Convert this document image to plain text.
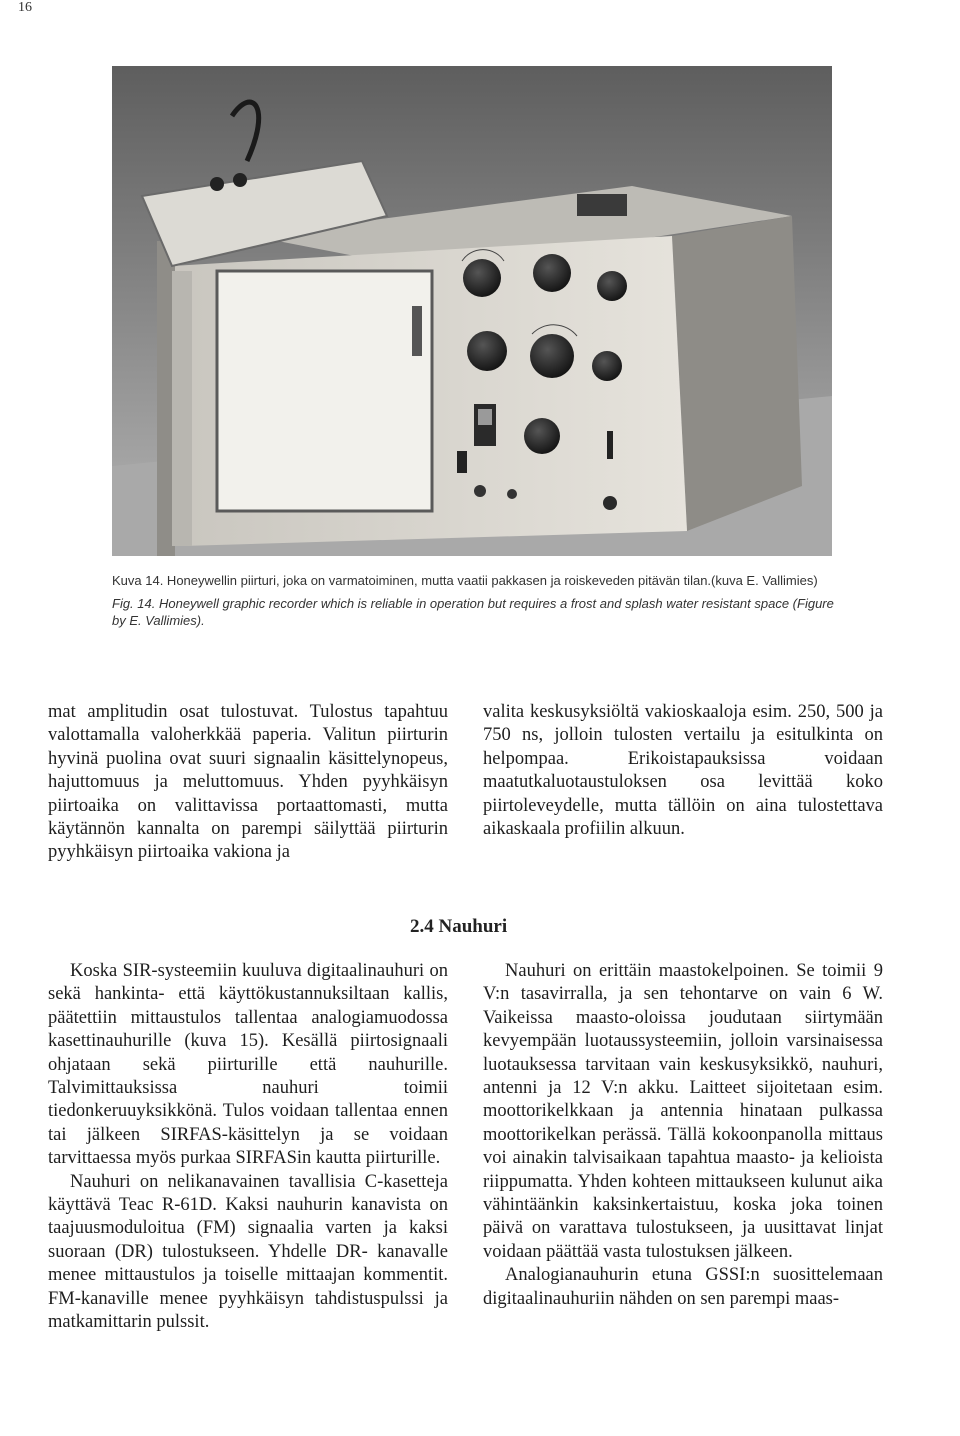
16

Kuva 14. Honeywellin piirturi, joka on varmatoiminen, mutta vaatii pakkasen ja roiskeveden pitävän tilan.(kuva E. Vallimies)

Fig. 14. Honeywell graphic recorder which is reliable in operation but requires a frost and splash water resistant space (Figure by E. Vallimies).

mat amplitudin osat tulostuvat. Tulostus tapahtuu valottamalla valoherkkää paperia. Valitun piirturin hyvinä puolina ovat suuri signaalin käsittelynopeus, hajuttomuus ja meluttomuus. Yhden pyyhkäisyn piirtoaika on valittavissa portaattomasti, mutta käytännön kannalta on parempi säilyttää piirturin pyyhkäisyn piirtoaika vakiona ja

valita keskusyksiöltä vakioskaaloja esim. 250, 500 ja 750 ns, jolloin tulosten vertailu ja esitulkinta on helpompaa. Erikoistapauksissa voidaan maatutkaluotaustuloksen osa levittää koko piirtoleveydelle, mutta tällöin on aina tulostettava aikaskaala profiilin alkuun.

2.4 Nauhuri

Koska SIR-systeemiin kuuluva digitaalinauhuri on sekä hankinta- että käyttökustannuksiltaan kallis, päätettiin mittaustulos tallentaa analogiamuodossa kasettinauhurille (kuva 15). Kesällä piirtosignaali ohjataan sekä piirturille että nauhurille. Talvimittauksissa nauhuri toimii tiedonkeruuyksikkönä. Tulos voidaan tallentaa ennen tai jälkeen SIRFAS-käsittelyn ja se voidaan tarvittaessa myös purkaa SIRFASin kautta piirturille.

Nauhuri on nelikanavainen tavallisia C-kasetteja käyttävä Teac R-61D. Kaksi nauhurin kanavista on taajuusmoduloitua (FM) signaalia varten ja kaksi suoraan (DR) tulostukseen. Yhdelle DR- kanavalle menee mittaustulos ja toiselle mittaajan kommentit. FM-kanaville menee pyyhkäisyn tahdistuspulssi ja matkamittarin pulssit.

Nauhuri on erittäin maastokelpoinen. Se toimii 9 V:n tasavirralla, ja sen tehontarve on vain 6 W. Vaikeissa maasto-oloissa joudutaan siirtymään kevyempään luotaussysteemiin, jolloin varsinaisessa luotauksessa tarvitaan vain keskusyksikkö, nauhuri, antenni ja 12 V:n akku. Laitteet sijoitetaan esim. moottorikelkkaan ja antennia hinataan pulkassa moottorikelkan perässä. Tällä kokoonpanolla mittaus voi ainakin talvisaikaan tapahtua maasto- ja kelioista riippumatta. Yhden kohteen mittaukseen kulunut aika vähintäänkin kaksinkertaistuu, koska joka toinen päivä on varattava tulostukseen, ja uusittavat linjat voidaan päättää vasta tulostuksen jälkeen.

Analogianauhurin etuna GSSI:n suosittelemaan digitaalinauhuriin nähden on sen parempi maas-
